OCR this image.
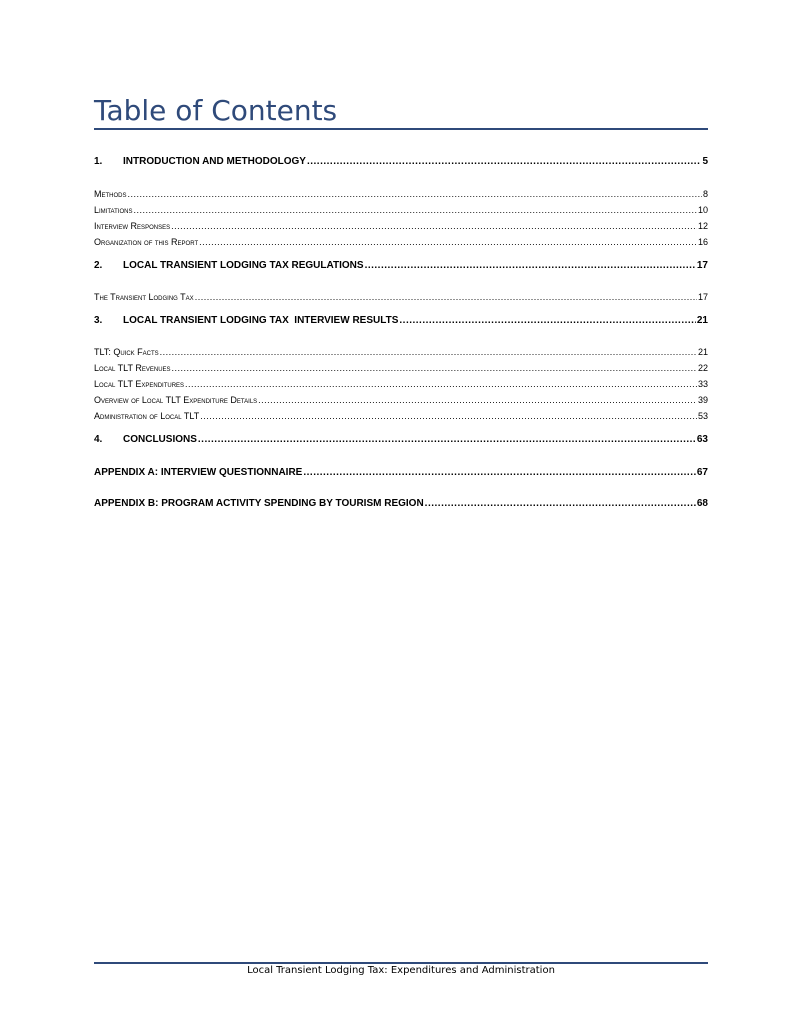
Table of Contents
1.	INTRODUCTION AND METHODOLOGY .....	5
Methods .....	8
Limitations .....	10
Interview Responses .....	12
Organization of this Report .....	16
2.	LOCAL TRANSIENT LODGING TAX REGULATIONS .....	17
The Transient Lodging Tax .....	17
3.	LOCAL TRANSIENT LODGING TAX  INTERVIEW RESULTS .....	21
TLT: Quick Facts .....	21
Local TLT Revenues .....	22
Local TLT Expenditures .....	33
Overview of Local TLT Expenditure Details .....	39
Administration of Local TLT .....	53
4.	CONCLUSIONS .....	63
APPENDIX A: INTERVIEW QUESTIONNAIRE .....	67
APPENDIX B: PROGRAM ACTIVITY SPENDING BY TOURISM REGION .....	68
Local Transient Lodging Tax: Expenditures and Administration
